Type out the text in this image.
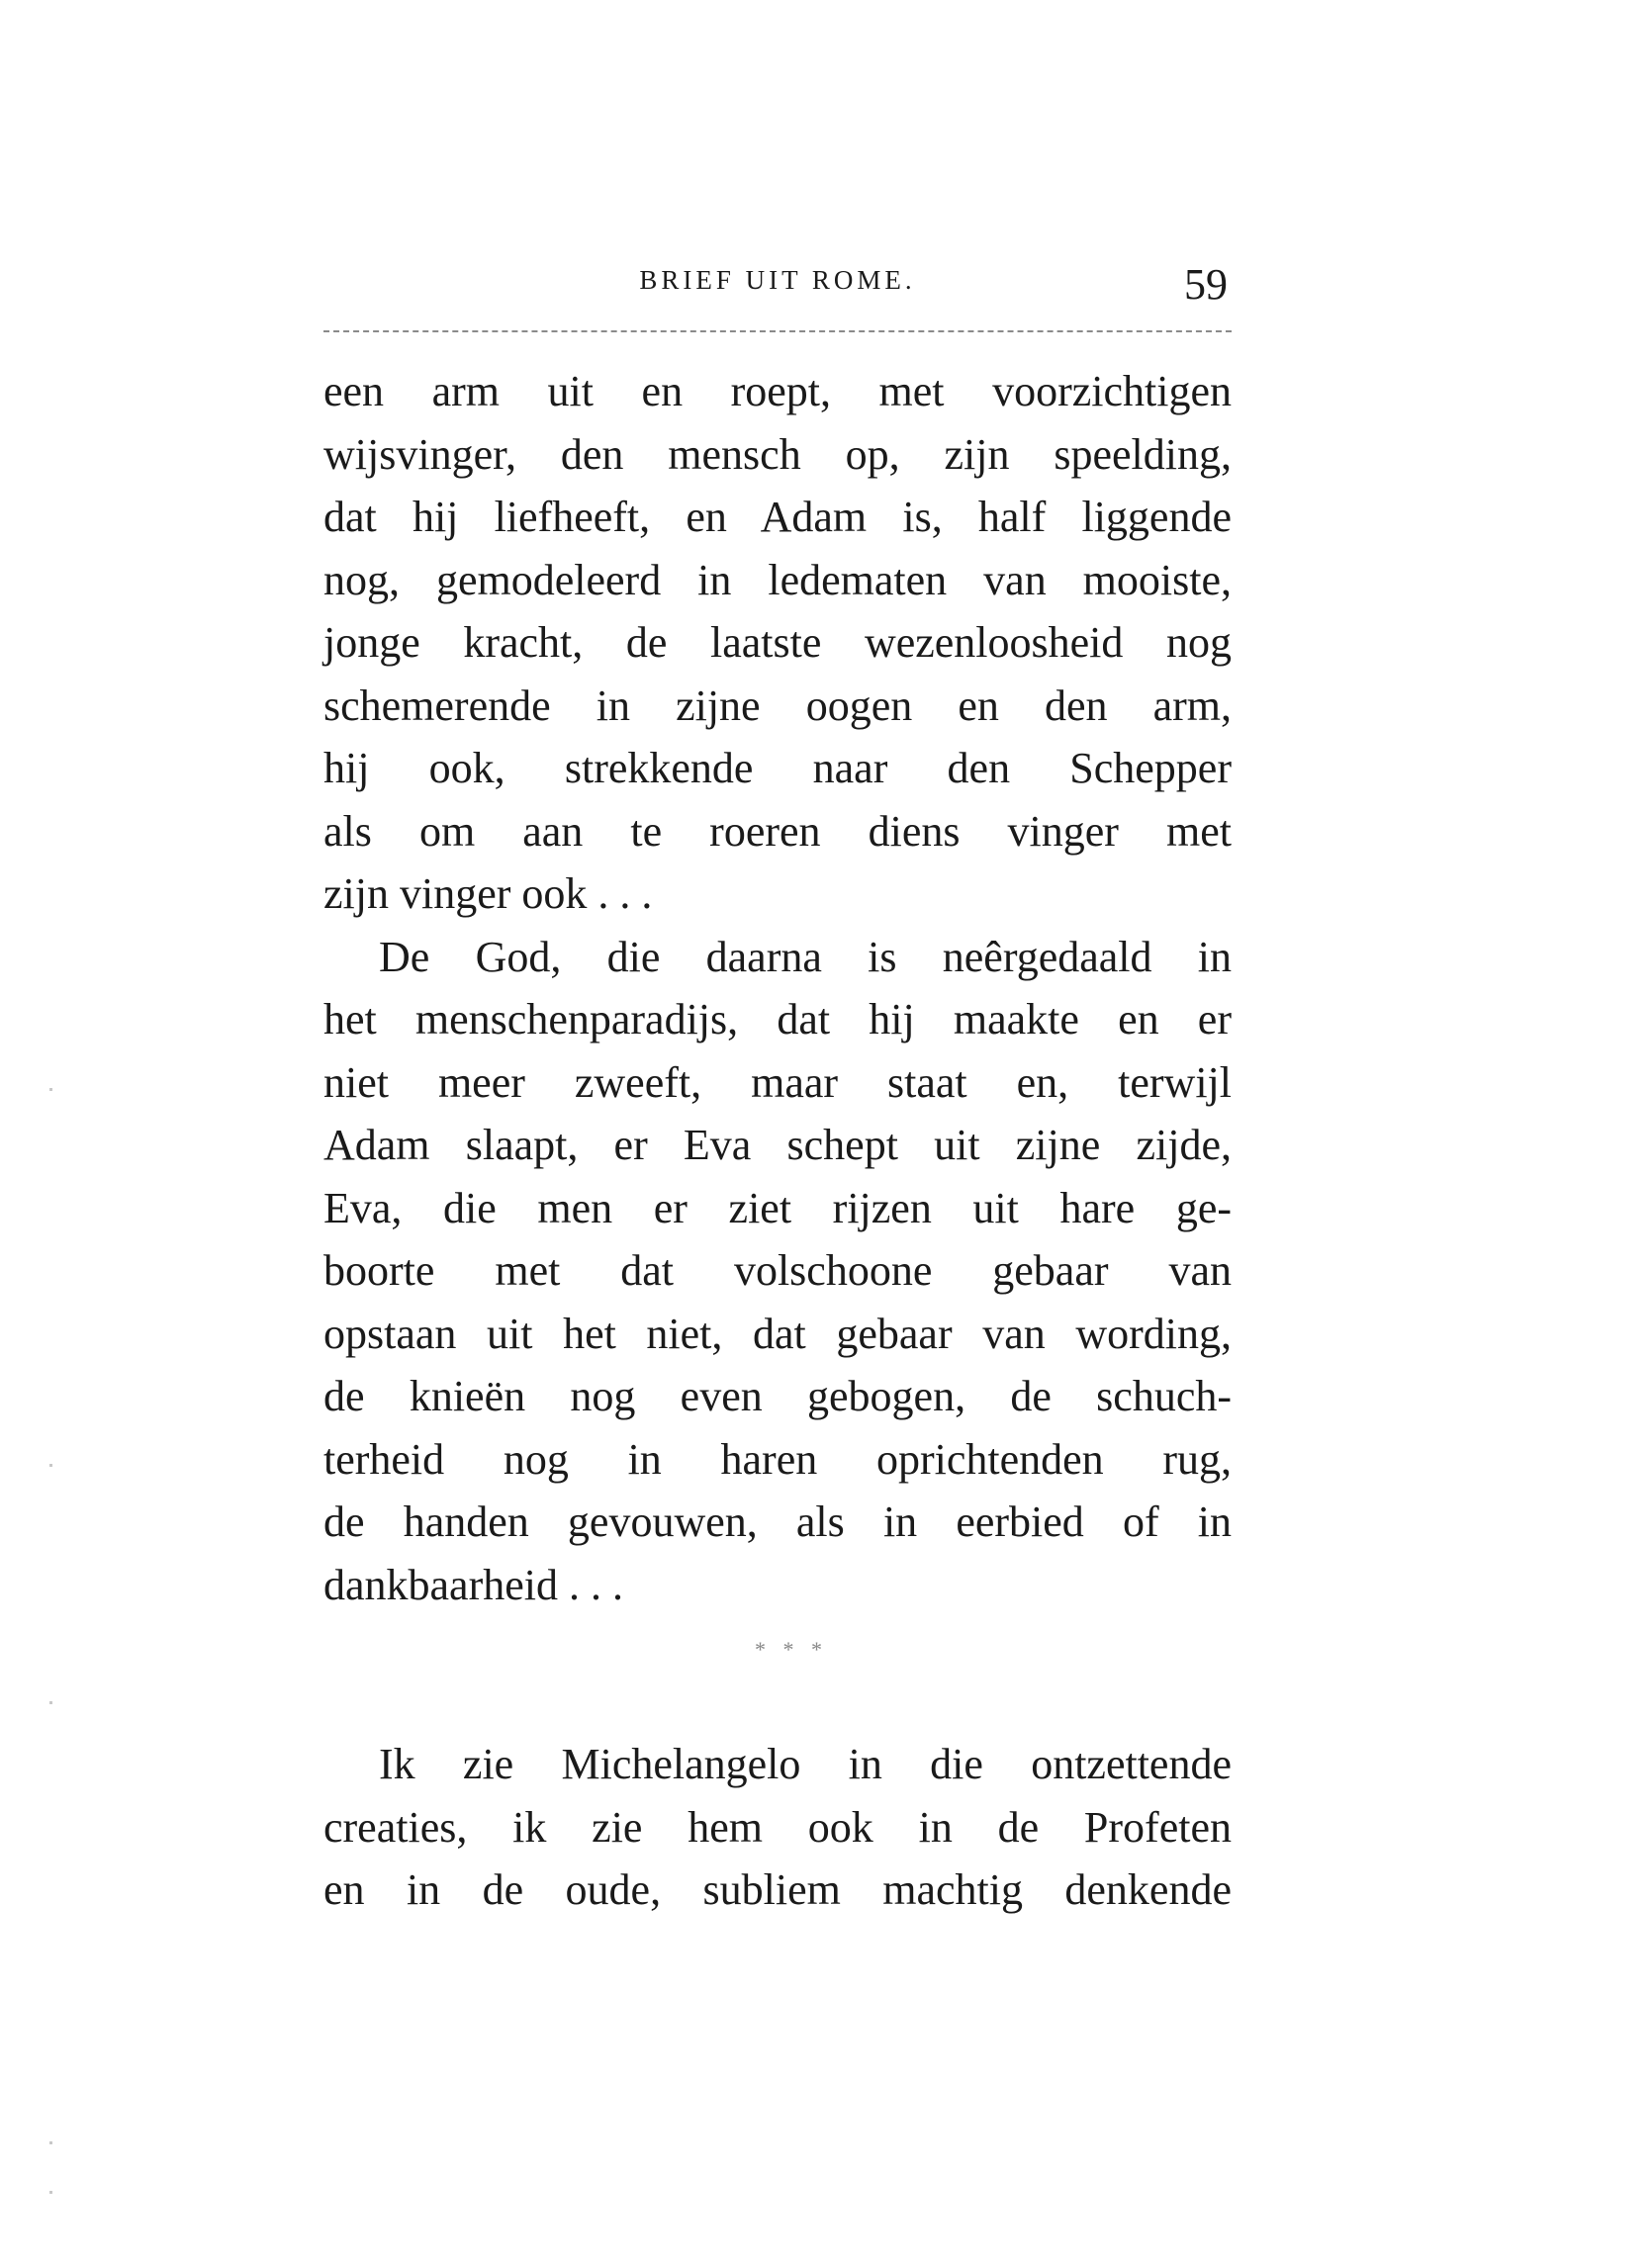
BRIEF UIT ROME.	59
een arm uit en roept, met voorzichtigen
wijsvinger, den mensch op, zijn speelding,
dat hij liefheeft, en Adam is, half liggende
nog, gemodeleerd in ledematen van mooiste,
jonge kracht, de laatste wezenloosheid nog
schemerende in zijne oogen en den arm,
hij ook, strekkende naar den Schepper
als om aan te roeren diens vinger met
zijn vinger ook . . .
De God, die daarna is neêrgedaald in
het menschenparadijs, dat hij maakte en er
niet meer zweeft, maar staat en, terwijl
Adam slaapt, er Eva schept uit zijne zijde,
Eva, die men er ziet rijzen uit hare ge-
boorte met dat volschoone gebaar van
opstaan uit het niet, dat gebaar van wording,
de knieën nog even gebogen, de schuch-
terheid nog in haren oprichtenden rug,
de handen gevouwen, als in eerbied of in
dankbaarheid . . .
* * *
Ik zie Michelangelo in die ontzettende
creaties, ik zie hem ook in de Profeten
en in de oude, subliem machtig denkende
